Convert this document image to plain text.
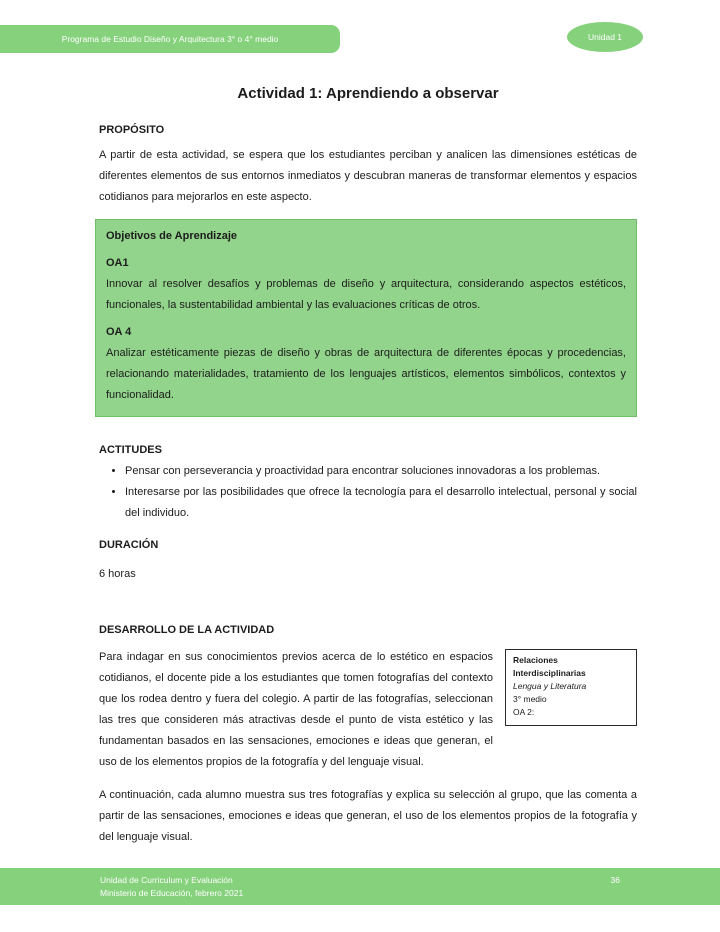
Programa de Estudio Diseño y Arquitectura 3° o 4° medio	Unidad 1
Actividad 1: Aprendiendo a observar
PROPÓSITO

A partir de esta actividad, se espera que los estudiantes perciban y analicen las dimensiones estéticas de diferentes elementos de sus entornos inmediatos y descubran maneras de transformar elementos y espacios cotidianos para mejorarlos en este aspecto.

Objetivos de Aprendizaje
OA1

Innovar al resolver desafíos y problemas de diseño y arquitectura, considerando aspectos estéticos, funcionales, la sustentabilidad ambiental y las evaluaciones críticas de otros.

OA 4

Analizar estéticamente piezas de diseño y obras de arquitectura de diferentes épocas y procedencias, relacionando materialidades, tratamiento de los lenguajes artísticos, elementos simbólicos, contextos y funcionalidad.

ACTITUDES
• Pensar con perseverancia y proactividad para encontrar soluciones innovadoras a los problemas.
• Interesarse por las posibilidades que ofrece la tecnología para el desarrollo intelectual, personal y social del individuo.
DURACIÓN
6 horas
DESARROLLO DE LA ACTIVIDAD

Relaciones Interdisciplinarias
Lengua y Literatura
3° medio
OA 2:
Para indagar en sus conocimientos previos acerca de lo estético en espacios cotidianos, el docente pide a los estudiantes que tomen fotografías del contexto que los rodea dentro y fuera del colegio. A partir de las fotografías, seleccionan las tres que consideren más atractivas desde el punto de vista estético y las fundamentan basados en las sensaciones, emociones e ideas que generan, el uso de los elementos propios de la fotografía y del lenguaje visual.

A continuación, cada alumno muestra sus tres fotografías y explica su selección al grupo, que las comenta a partir de las sensaciones, emociones e ideas que generan, el uso de los elementos propios de la fotografía y del lenguaje visual.

Unidad de Curriculum y Evaluación
Ministerio de Educación, febrero 2021
36
